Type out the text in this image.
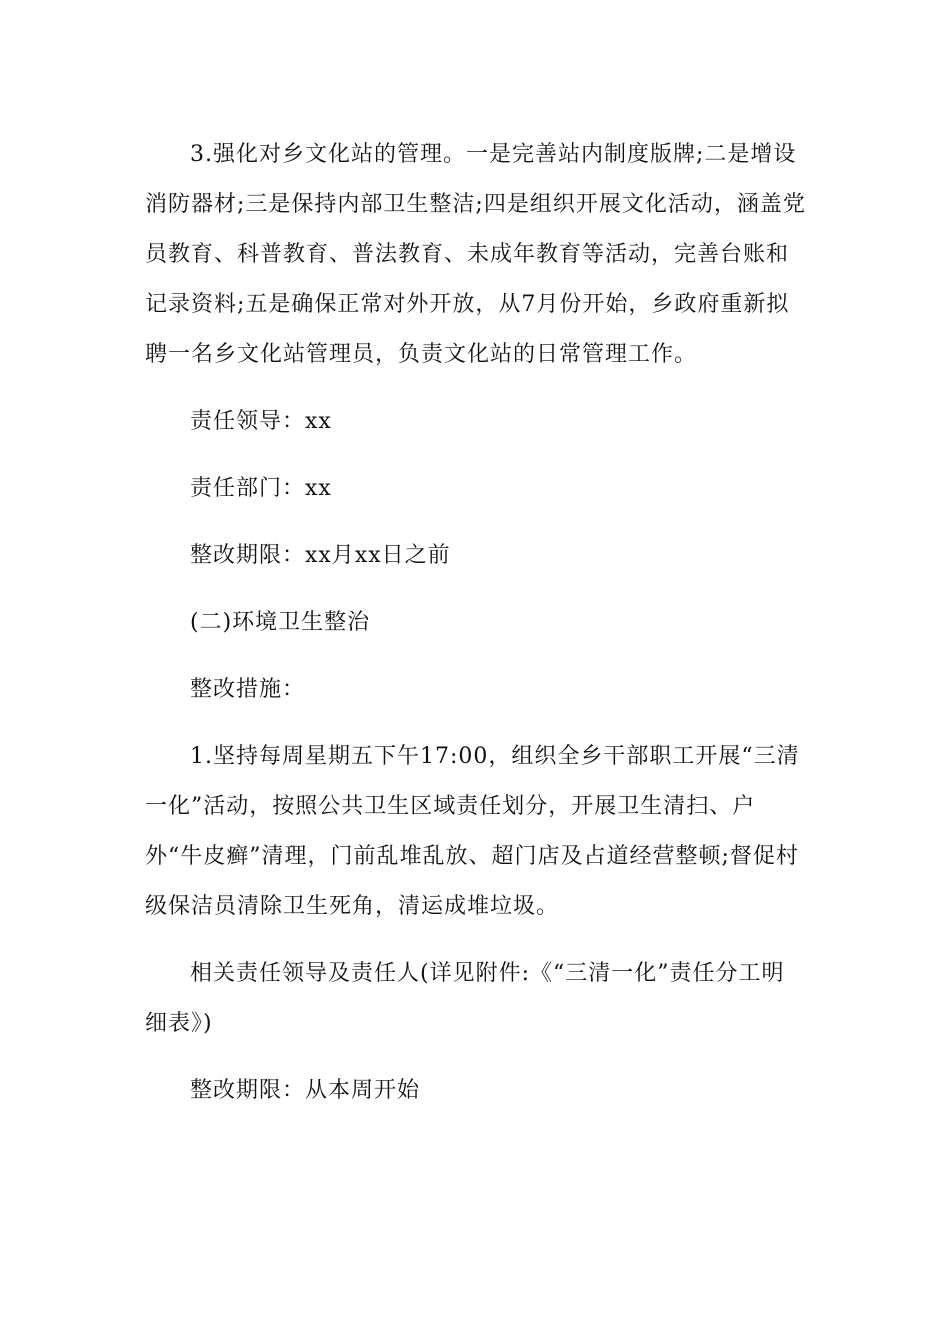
3.强化对乡文化站的管理。一是完善站内制度版牌;二是增设消防器材;三是保持内部卫生整洁;四是组织开展文化活动，涵盖党员教育、科普教育、普法教育、未成年教育等活动，完善台账和记录资料;五是确保正常对外开放，从7月份开始，乡政府重新拟聘一名乡文化站管理员，负责文化站的日常管理工作。

责任领导：xx

责任部门：xx

整改期限：xx月xx日之前

(二)环境卫生整治

整改措施：

1.坚持每周星期五下午17:00，组织全乡干部职工开展“三清一化”活动，按照公共卫生区域责任划分，开展卫生清扫、户外“牛皮癣”清理，门前乱堆乱放、超门店及占道经营整顿;督促村级保洁员清除卫生死角，清运成堆垃圾。

相关责任领导及责任人(详见附件:《“三清一化”责任分工明细表》)

整改期限：从本周开始
